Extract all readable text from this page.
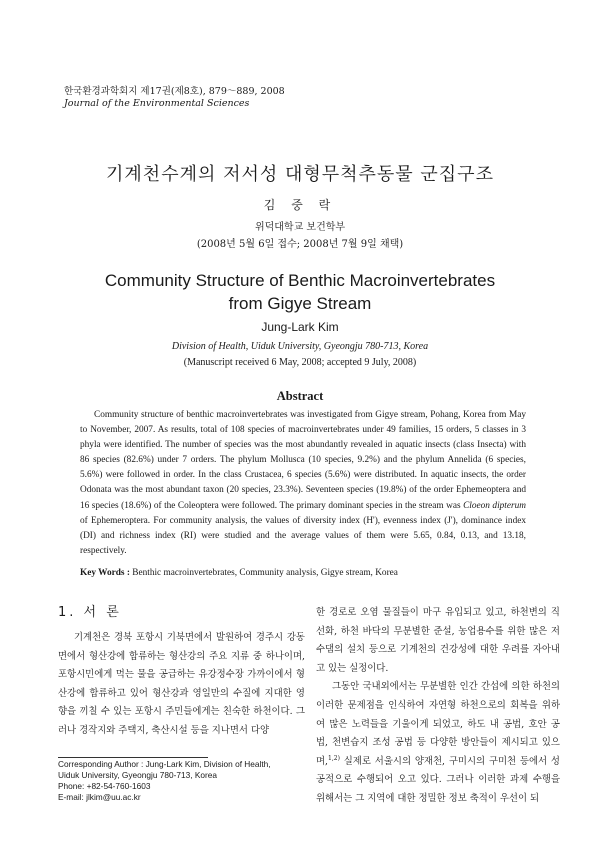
한국환경과학회지 제17권(제8호), 879～889, 2008
Journal of the Environmental Sciences
기계천수계의 저서성 대형무척추동물 군집구조
김 중 락
위덕대학교 보건학부
(2008년 5월 6일 접수; 2008년 7월 9일 채택)
Community Structure of Benthic Macroinvertebrates
from Gigye Stream
Jung-Lark Kim
Division of Health, Uiduk University, Gyeongju 780-713, Korea
(Manuscript received 6 May, 2008; accepted 9 July, 2008)
Abstract

Community structure of benthic macroinvertebrates was investigated from Gigye stream, Pohang, Korea from May to November, 2007. As results, total of 108 species of macroinvertebrates under 49 families, 15 orders, 5 classes in 3 phyla were identified. The number of species was the most abundantly revealed in aquatic insects (class Insecta) with 86 species (82.6%) under 7 orders. The phylum Mollusca (10 species, 9.2%) and the phylum Annelida (6 species, 5.6%) were followed in order. In the class Crustacea, 6 species (5.6%) were distributed. In aquatic insects, the order Odonata was the most abundant taxon (20 species, 23.3%). Seventeen species (19.8%) of the order Ephemeoptera and 16 species (18.6%) of the Coleoptera were followed. The primary dominant species in the stream was Cloeon dipterum of Ephemeroptera. For community analysis, the values of diversity index (H'), evenness index (J'), dominance index (DI) and richness index (RI) were studied and the average values of them were 5.65, 0.84, 0.13, and 13.18, respectively.

Key Words : Benthic macroinvertebrates, Community analysis, Gigye stream, Korea
1. 서 론

기계천은 경북 포항시 기북면에서 발원하여 경주시 강동면에서 형산강에 합류하는 형산강의 주요 지류 중 하나이며, 포항시민에게 먹는 물을 공급하는 유강정수장 가까이에서 형산강에 합류하고 있어 형산강과 영일만의 수질에 지대한 영향을 끼칠 수 있는 포항시 주민들에게는 친숙한 하천이다. 그러나 경작지와 주택지, 축산시설 등을 지나면서 다양

한 경로로 오염 물질들이 마구 유입되고 있고, 하천변의 직선화, 하천 바닥의 무분별한 준설, 농업용수를 위한 많은 저수댐의 설치 등으로 기계천의 건강성에 대한 우려를 자아내고 있는 실정이다.

그동안 국내외에서는 무분별한 인간 간섭에 의한 하천의 이러한 문제점을 인식하여 자연형 하천으로의 회복을 위하여 많은 노력들을 기울이게 되었고, 하도 내 공법, 호안 공법, 천변습지 조성 공법 등 다양한 방안들이 제시되고 있으며,$^{1,2)}$ 실제로 서울시의 양재천, 구미시의 구미천 등에서 성공적으로 수행되어 오고 있다. 그러나 이러한 과제 수행을 위해서는 그 지역에 대한 정밀한 정보 축적이 우선이 되

Corresponding Author : Jung-Lark Kim, Division of Health,
Uiduk University, Gyeongju 780-713, Korea
Phone: +82-54-760-1603
E-mail: jlkim@uu.ac.kr
